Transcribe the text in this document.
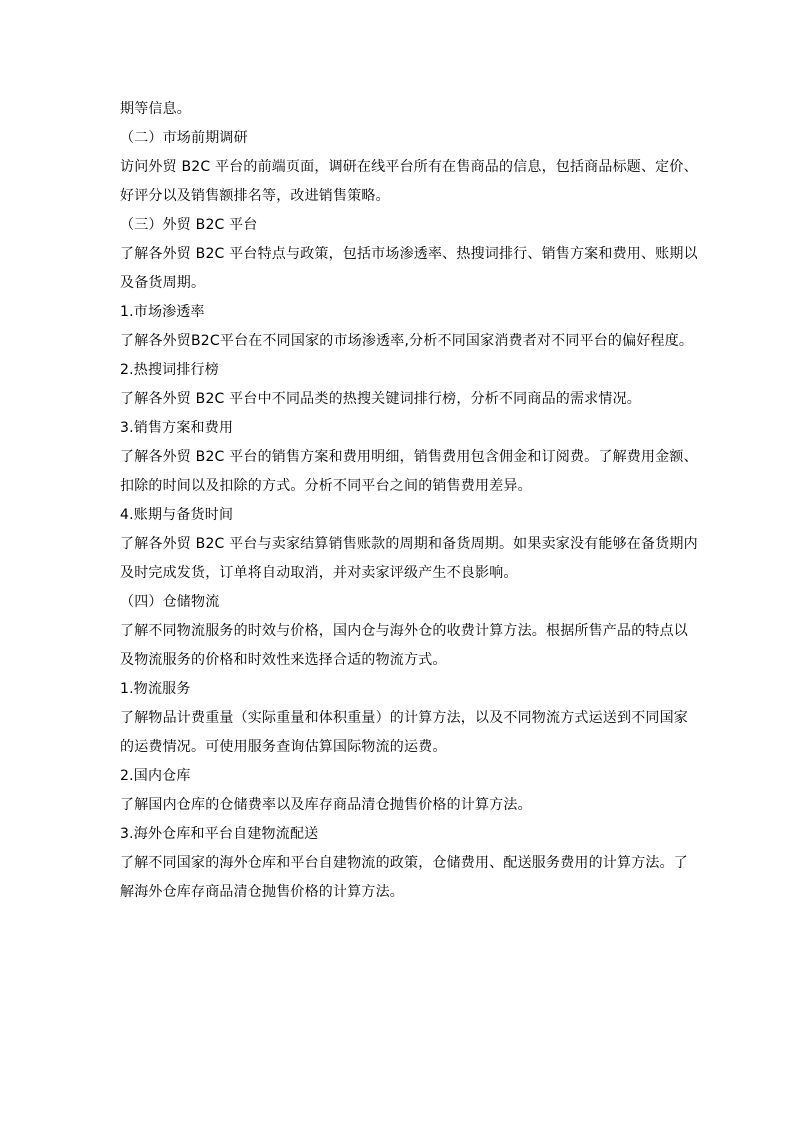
期等信息。
（二）市场前期调研
访问外贸 B2C 平台的前端页面，调研在线平台所有在售商品的信息，包括商品标题、定价、
好评分以及销售额排名等，改进销售策略。
（三）外贸 B2C 平台
了解各外贸 B2C 平台特点与政策，包括市场渗透率、热搜词排行、销售方案和费用、账期以
及备货周期。
1.市场渗透率
了解各外贸B2C平台在不同国家的市场渗透率,分析不同国家消费者对不同平台的偏好程度。
2.热搜词排行榜
了解各外贸 B2C 平台中不同品类的热搜关键词排行榜，分析不同商品的需求情况。
3.销售方案和费用
了解各外贸 B2C 平台的销售方案和费用明细，销售费用包含佣金和订阅费。了解费用金额、
扣除的时间以及扣除的方式。分析不同平台之间的销售费用差异。
4.账期与备货时间
了解各外贸 B2C 平台与卖家结算销售账款的周期和备货周期。如果卖家没有能够在备货期内
及时完成发货，订单将自动取消，并对卖家评级产生不良影响。
（四）仓储物流
了解不同物流服务的时效与价格，国内仓与海外仓的收费计算方法。根据所售产品的特点以
及物流服务的价格和时效性来选择合适的物流方式。
1.物流服务
了解物品计费重量（实际重量和体积重量）的计算方法，以及不同物流方式运送到不同国家
的运费情况。可使用服务查询估算国际物流的运费。
2.国内仓库
了解国内仓库的仓储费率以及库存商品清仓抛售价格的计算方法。
3.海外仓库和平台自建物流配送
了解不同国家的海外仓库和平台自建物流的政策，仓储费用、配送服务费用的计算方法。了
解海外仓库存商品清仓抛售价格的计算方法。
